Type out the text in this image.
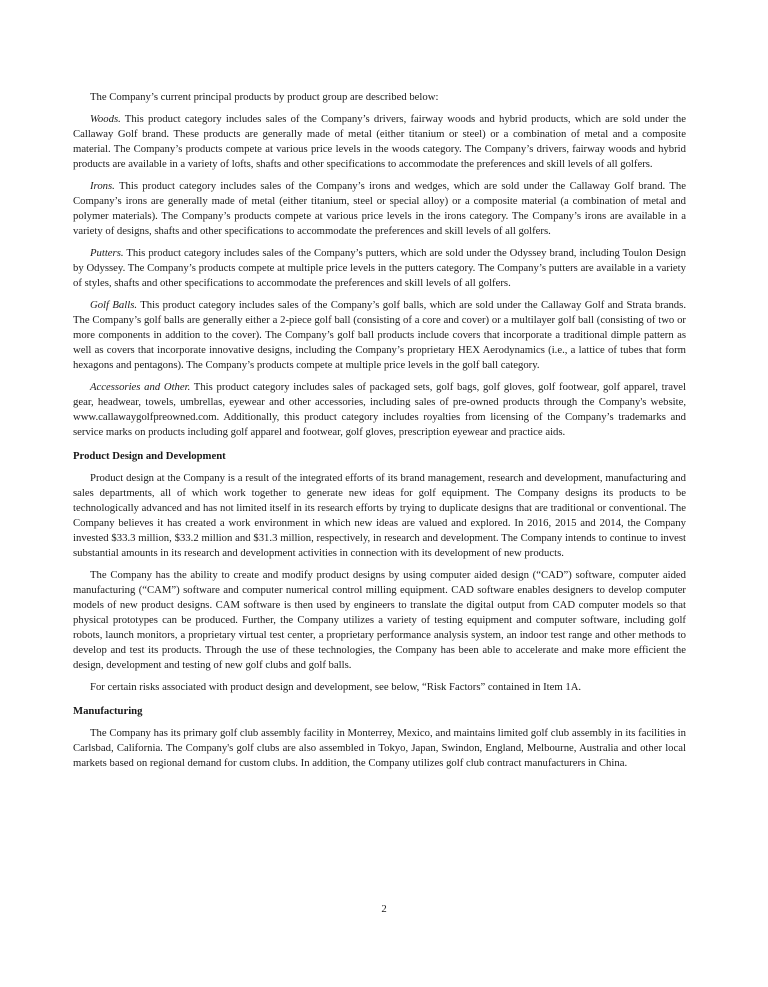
The Company’s current principal products by product group are described below:

Woods. This product category includes sales of the Company’s drivers, fairway woods and hybrid products, which are sold under the Callaway Golf brand. These products are generally made of metal (either titanium or steel) or a combination of metal and a composite material. The Company’s products compete at various price levels in the woods category. The Company’s drivers, fairway woods and hybrid products are available in a variety of lofts, shafts and other specifications to accommodate the preferences and skill levels of all golfers.

Irons. This product category includes sales of the Company’s irons and wedges, which are sold under the Callaway Golf brand. The Company’s irons are generally made of metal (either titanium, steel or special alloy) or a composite material (a combination of metal and polymer materials). The Company’s products compete at various price levels in the irons category. The Company’s irons are available in a variety of designs, shafts and other specifications to accommodate the preferences and skill levels of all golfers.

Putters. This product category includes sales of the Company’s putters, which are sold under the Odyssey brand, including Toulon Design by Odyssey. The Company’s products compete at multiple price levels in the putters category. The Company’s putters are available in a variety of styles, shafts and other specifications to accommodate the preferences and skill levels of all golfers.

Golf Balls. This product category includes sales of the Company’s golf balls, which are sold under the Callaway Golf and Strata brands. The Company’s golf balls are generally either a 2-piece golf ball (consisting of a core and cover) or a multilayer golf ball (consisting of two or more components in addition to the cover). The Company’s golf ball products include covers that incorporate a traditional dimple pattern as well as covers that incorporate innovative designs, including the Company’s proprietary HEX Aerodynamics (i.e., a lattice of tubes that form hexagons and pentagons). The Company’s products compete at multiple price levels in the golf ball category.

Accessories and Other. This product category includes sales of packaged sets, golf bags, golf gloves, golf footwear, golf apparel, travel gear, headwear, towels, umbrellas, eyewear and other accessories, including sales of pre-owned products through the Company's website, www.callawaygolfpreowned.com. Additionally, this product category includes royalties from licensing of the Company’s trademarks and service marks on products including golf apparel and footwear, golf gloves, prescription eyewear and practice aids.

Product Design and Development

Product design at the Company is a result of the integrated efforts of its brand management, research and development, manufacturing and sales departments, all of which work together to generate new ideas for golf equipment. The Company designs its products to be technologically advanced and has not limited itself in its research efforts by trying to duplicate designs that are traditional or conventional. The Company believes it has created a work environment in which new ideas are valued and explored. In 2016, 2015 and 2014, the Company invested $33.3 million, $33.2 million and $31.3 million, respectively, in research and development. The Company intends to continue to invest substantial amounts in its research and development activities in connection with its development of new products.

The Company has the ability to create and modify product designs by using computer aided design (“CAD”) software, computer aided manufacturing (“CAM”) software and computer numerical control milling equipment. CAD software enables designers to develop computer models of new product designs. CAM software is then used by engineers to translate the digital output from CAD computer models so that physical prototypes can be produced. Further, the Company utilizes a variety of testing equipment and computer software, including golf robots, launch monitors, a proprietary virtual test center, a proprietary performance analysis system, an indoor test range and other methods to develop and test its products. Through the use of these technologies, the Company has been able to accelerate and make more efficient the design, development and testing of new golf clubs and golf balls.

For certain risks associated with product design and development, see below, “Risk Factors” contained in Item 1A.

Manufacturing

The Company has its primary golf club assembly facility in Monterrey, Mexico, and maintains limited golf club assembly in its facilities in Carlsbad, California. The Company's golf clubs are also assembled in Tokyo, Japan, Swindon, England, Melbourne, Australia and other local markets based on regional demand for custom clubs. In addition, the Company utilizes golf club contract manufacturers in China.

2
